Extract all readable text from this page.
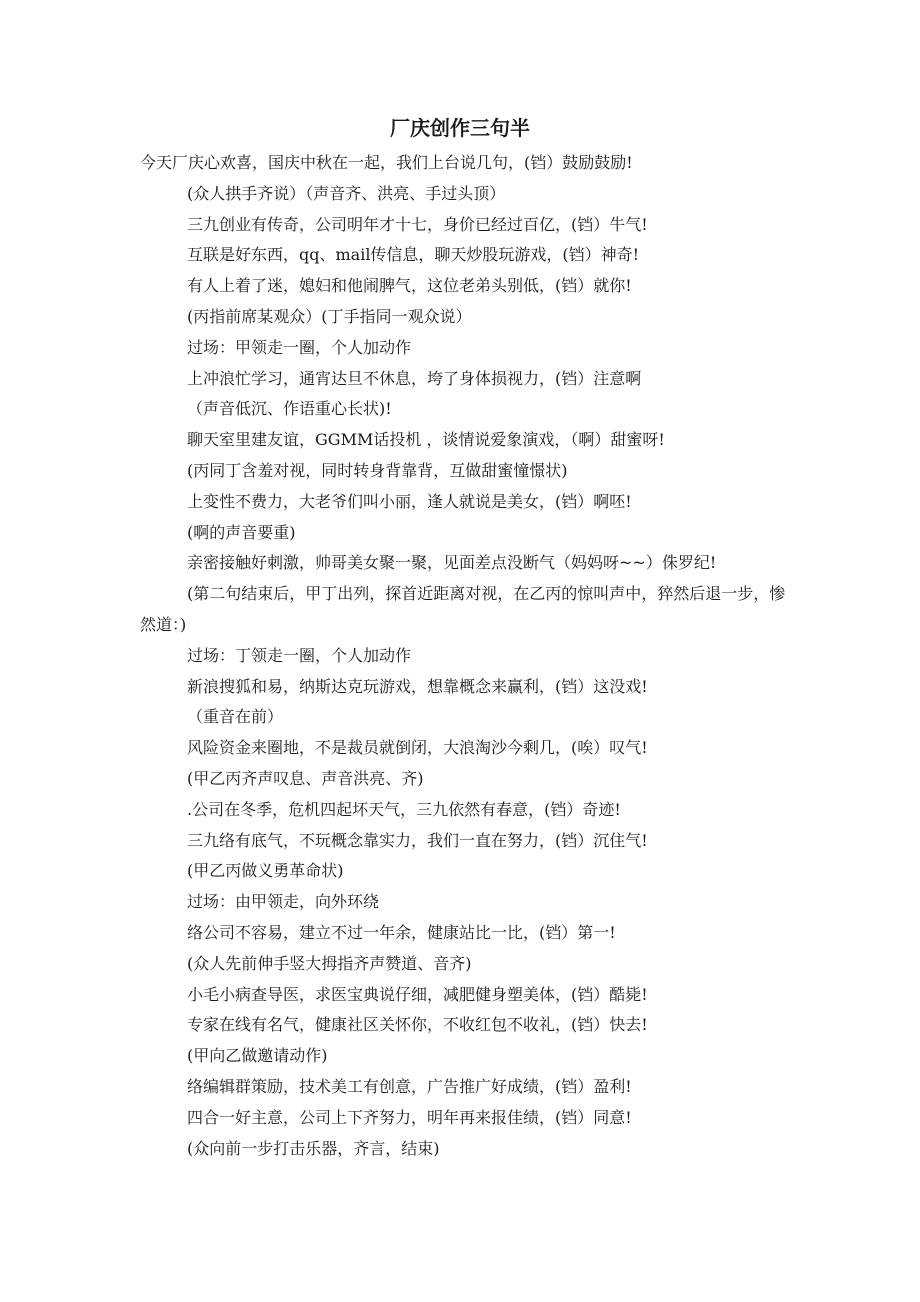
厂庆创作三句半
今天厂庆心欢喜，国庆中秋在一起，我们上台说几句，(铛）鼓励鼓励!
(众人拱手齐说）（声音齐、洪亮、手过头顶）
三九创业有传奇，公司明年才十七，身价已经过百亿，(铛）牛气!
互联是好东西，qq、mail传信息，聊天炒股玩游戏，(铛）神奇!
有人上着了迷，媳妇和他闹脾气，这位老弟头别低，(铛）就你!
(丙指前席某观众）(丁手指同一观众说）
过场：甲领走一圈，个人加动作
上冲浪忙学习，通宵达旦不休息，垮了身体损视力，(铛）注意啊
（声音低沉、作语重心长状)!
聊天室里建友谊，GGMM话投机 ，谈情说爱象演戏，（啊）甜蜜呀!
(丙同丁含羞对视，同时转身背靠背，互做甜蜜憧憬状)
上变性不费力，大老爷们叫小丽，逢人就说是美女，(铛）啊呸!
(啊的声音要重)
亲密接触好刺激，帅哥美女聚一聚，见面差点没断气（妈妈呀~~）侏罗纪!
(第二句结束后，甲丁出列，探首近距离对视，在乙丙的惊叫声中，猝然后退一步，惨然道：)
过场：丁领走一圈，个人加动作
新浪搜狐和易，纳斯达克玩游戏，想靠概念来赢利，(铛）这没戏!
（重音在前）
风险资金来圈地，不是裁员就倒闭，大浪淘沙今剩几，(唉）叹气!
(甲乙丙齐声叹息、声音洪亮、齐)
.公司在冬季，危机四起坏天气，三九依然有春意，(铛）奇迹!
三九络有底气，不玩概念靠实力，我们一直在努力，(铛）沉住气!
(甲乙丙做义勇革命状)
过场：由甲领走，向外环绕
络公司不容易，建立不过一年余，健康站比一比，(铛）第一!
(众人先前伸手竖大拇指齐声赞道、音齐)
小毛小病查导医，求医宝典说仔细，减肥健身塑美体，(铛）酷毙!
专家在线有名气，健康社区关怀你，不收红包不收礼，(铛）快去!
(甲向乙做邀请动作)
络编辑群策励，技术美工有创意，广告推广好成绩，(铛）盈利!
四合一好主意，公司上下齐努力，明年再来报佳绩，(铛）同意!
(众向前一步打击乐器，齐言，结束)
